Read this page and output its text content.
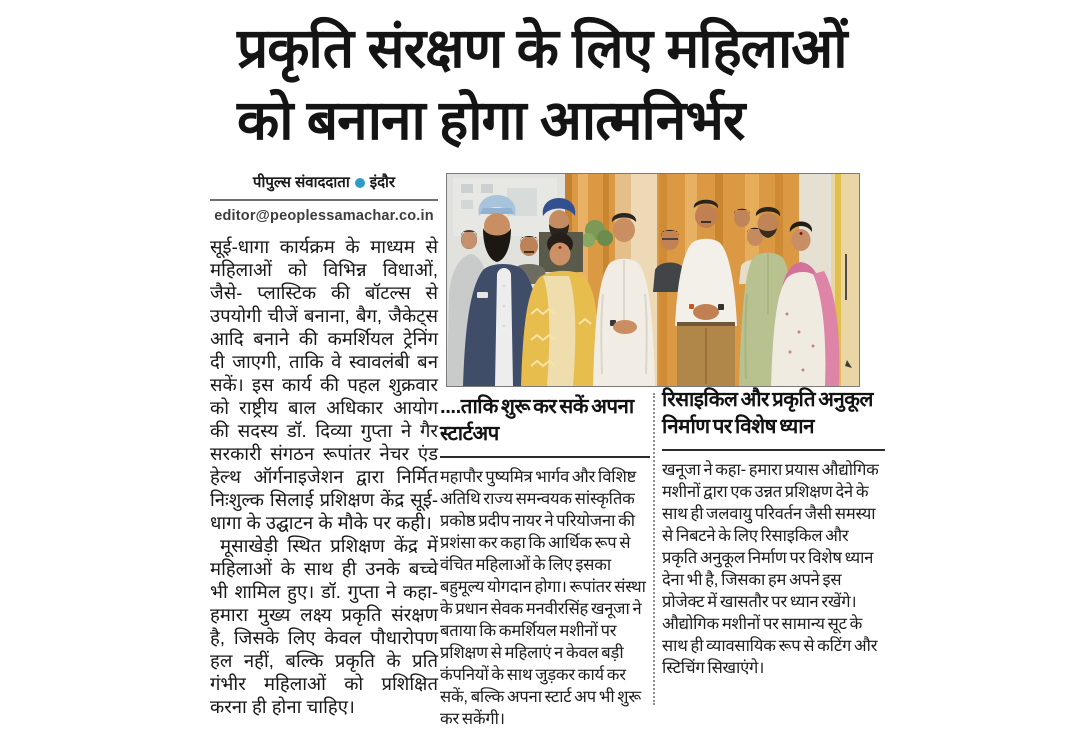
प्रकृति संरक्षण के लिए महिलाओं
को बनाना होगा आत्मनिर्भर
पीपुल्स संवाददाता इंदौर
editor@peoplessamachar.co.in

सूई-धागा कार्यक्रम के माध्यम से महिलाओं को विभिन्न विधाओं, जैसे- प्लास्टिक की बॉटल्स से उपयोगी चीजें बनाना, बैग, जैकेट्स आदि बनाने की कमर्शियल ट्रेनिंग दी जाएगी, ताकि वे स्वावलंबी बन सकें। इस कार्य की पहल शुक्रवार को राष्ट्रीय बाल अधिकार आयोग की सदस्य डॉ. दिव्या गुप्ता ने गैर सरकारी संगठन रूपांतर नेचर एंड हेल्थ ऑर्गनाइजेशन द्वारा निर्मित निःशुल्क सिलाई प्रशिक्षण केंद्र सूई-धागा के उद्घाटन के मौके पर कही।

मूसाखेड़ी स्थित प्रशिक्षण केंद्र में महिलाओं के साथ ही उनके बच्चे भी शामिल हुए। डॉ. गुप्ता ने कहा- हमारा मुख्य लक्ष्य प्रकृति संरक्षण है, जिसके लिए केवल पौधारोपण हल नहीं, बल्कि प्रकृति के प्रति गंभीर महिलाओं को प्रशिक्षित करना ही होना चाहिए।

....ताकि शुरू कर सकें अपना स्टार्टअप

महापौर पुष्यमित्र भार्गव और विशिष्ट अतिथि राज्य समन्वयक सांस्कृतिक प्रकोष्ठ प्रदीप नायर ने परियोजना की प्रशंसा कर कहा कि आर्थिक रूप से वंचित महिलाओं के लिए इसका बहुमूल्य योगदान होगा। रूपांतर संस्था के प्रधान सेवक मनवीरसिंह खनूजा ने बताया कि कमर्शियल मशीनों पर प्रशिक्षण से महिलाएं न केवल बड़ी कंपनियों के साथ जुड़कर कार्य कर सकें, बल्कि अपना स्टार्ट अप भी शुरू कर सकेंगी।

रिसाइकिल और प्रकृति अनुकूल निर्माण पर विशेष ध्यान

खनूजा ने कहा- हमारा प्रयास औद्योगिक मशीनों द्वारा एक उन्नत प्रशिक्षण देने के साथ ही जलवायु परिवर्तन जैसी समस्या से निबटने के लिए रिसाइकिल और प्रकृति अनुकूल निर्माण पर विशेष ध्यान देना भी है, जिसका हम अपने इस प्रोजेक्ट में खासतौर पर ध्यान रखेंगे। औद्योगिक मशीनों पर सामान्य सूट के साथ ही व्यावसायिक रूप से कटिंग और स्टिचिंग सिखाएंगे।
